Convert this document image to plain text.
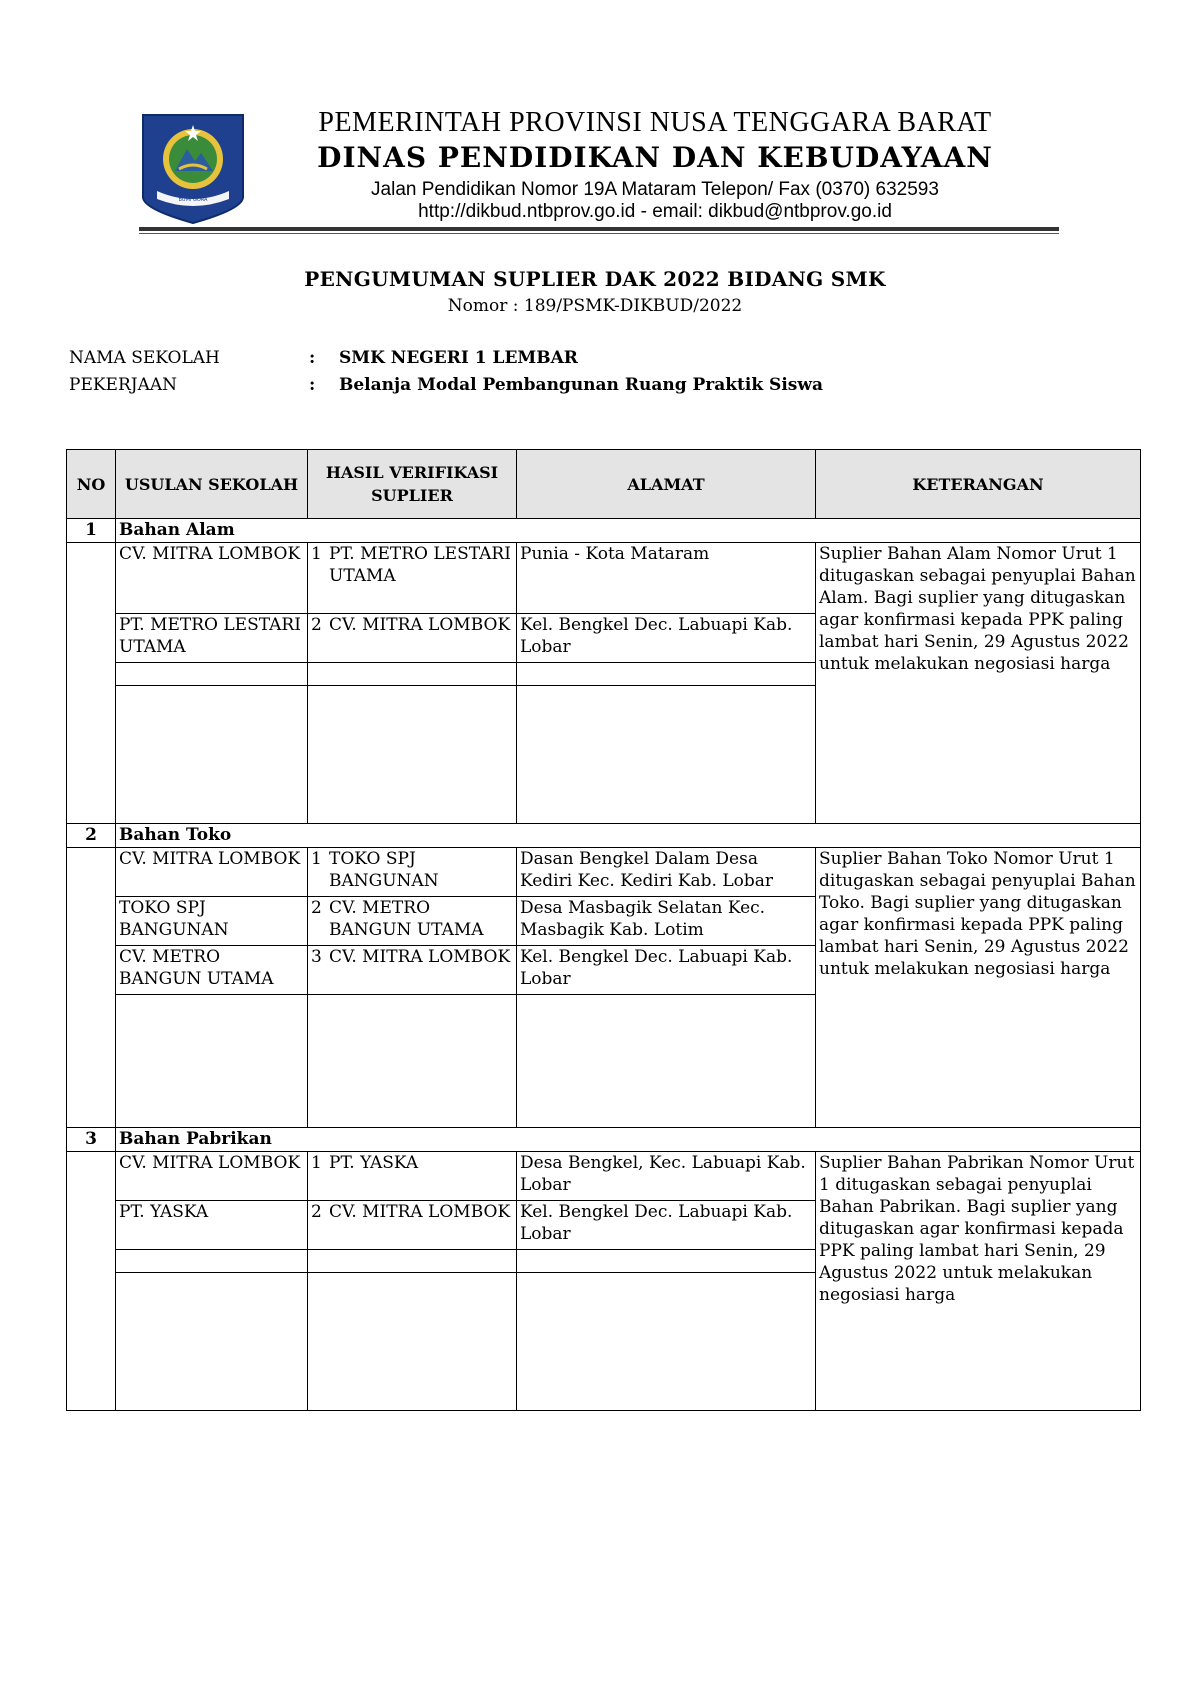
BUMI GORA
PEMERINTAH PROVINSI NUSA TENGGARA BARAT
DINAS PENDIDIKAN DAN KEBUDAYAAN
Jalan Pendidikan Nomor 19A Mataram Telepon/ Fax (0370) 632593
http://dikbud.ntbprov.go.id - email: dikbud@ntbprov.go.id
PENGUMUMAN SUPLIER DAK 2022 BIDANG SMK
Nomor : 189/PSMK-DIKBUD/2022
NAMA SEKOLAH	: SMK NEGERI 1 LEMBAR
PEKERJAAN	: Belanja Modal Pembangunan Ruang Praktik Siswa
NO	USULAN SEKOLAH	HASIL VERIFIKASI SUPLIER	ALAMAT	KETERANGAN
1	Bahan Alam			
	CV. MITRA LOMBOK	1 PT. METRO LESTARI UTAMA	Punia - Kota Mataram	Suplier Bahan Alam Nomor Urut 1 ditugaskan sebagai penyuplai Bahan Alam. Bagi suplier yang ditugaskan agar konfirmasi kepada PPK paling lambat hari Senin, 29 Agustus 2022 untuk melakukan negosiasi harga
	PT. METRO LESTARI UTAMA	2 CV. MITRA LOMBOK	Kel. Bengkel Dec. Labuapi Kab. Lobar	

2	Bahan Toko			
	CV. MITRA LOMBOK	1 TOKO SPJ BANGUNAN	Dasan Bengkel Dalam Desa Kediri Kec. Kediri Kab. Lobar	Suplier Bahan Toko Nomor Urut 1 ditugaskan sebagai penyuplai Bahan Toko. Bagi suplier yang ditugaskan agar konfirmasi kepada PPK paling lambat hari Senin, 29 Agustus 2022 untuk melakukan negosiasi harga
	TOKO SPJ BANGUNAN	2 CV. METRO BANGUN UTAMA	Desa Masbagik Selatan Kec. Masbagik Kab. Lotim	
	CV. METRO BANGUN UTAMA	3 CV. MITRA LOMBOK	Kel. Bengkel Dec. Labuapi Kab. Lobar	

3	Bahan Pabrikan			
	CV. MITRA LOMBOK	1 PT. YASKA	Desa Bengkel, Kec. Labuapi Kab. Lobar	Suplier Bahan Pabrikan Nomor Urut 1 ditugaskan sebagai penyuplai Bahan Pabrikan. Bagi suplier yang ditugaskan agar konfirmasi kepada PPK paling lambat hari Senin, 29 Agustus 2022 untuk melakukan negosiasi harga
	PT. YASKA	2 CV. MITRA LOMBOK	Kel. Bengkel Dec. Labuapi Kab. Lobar	
